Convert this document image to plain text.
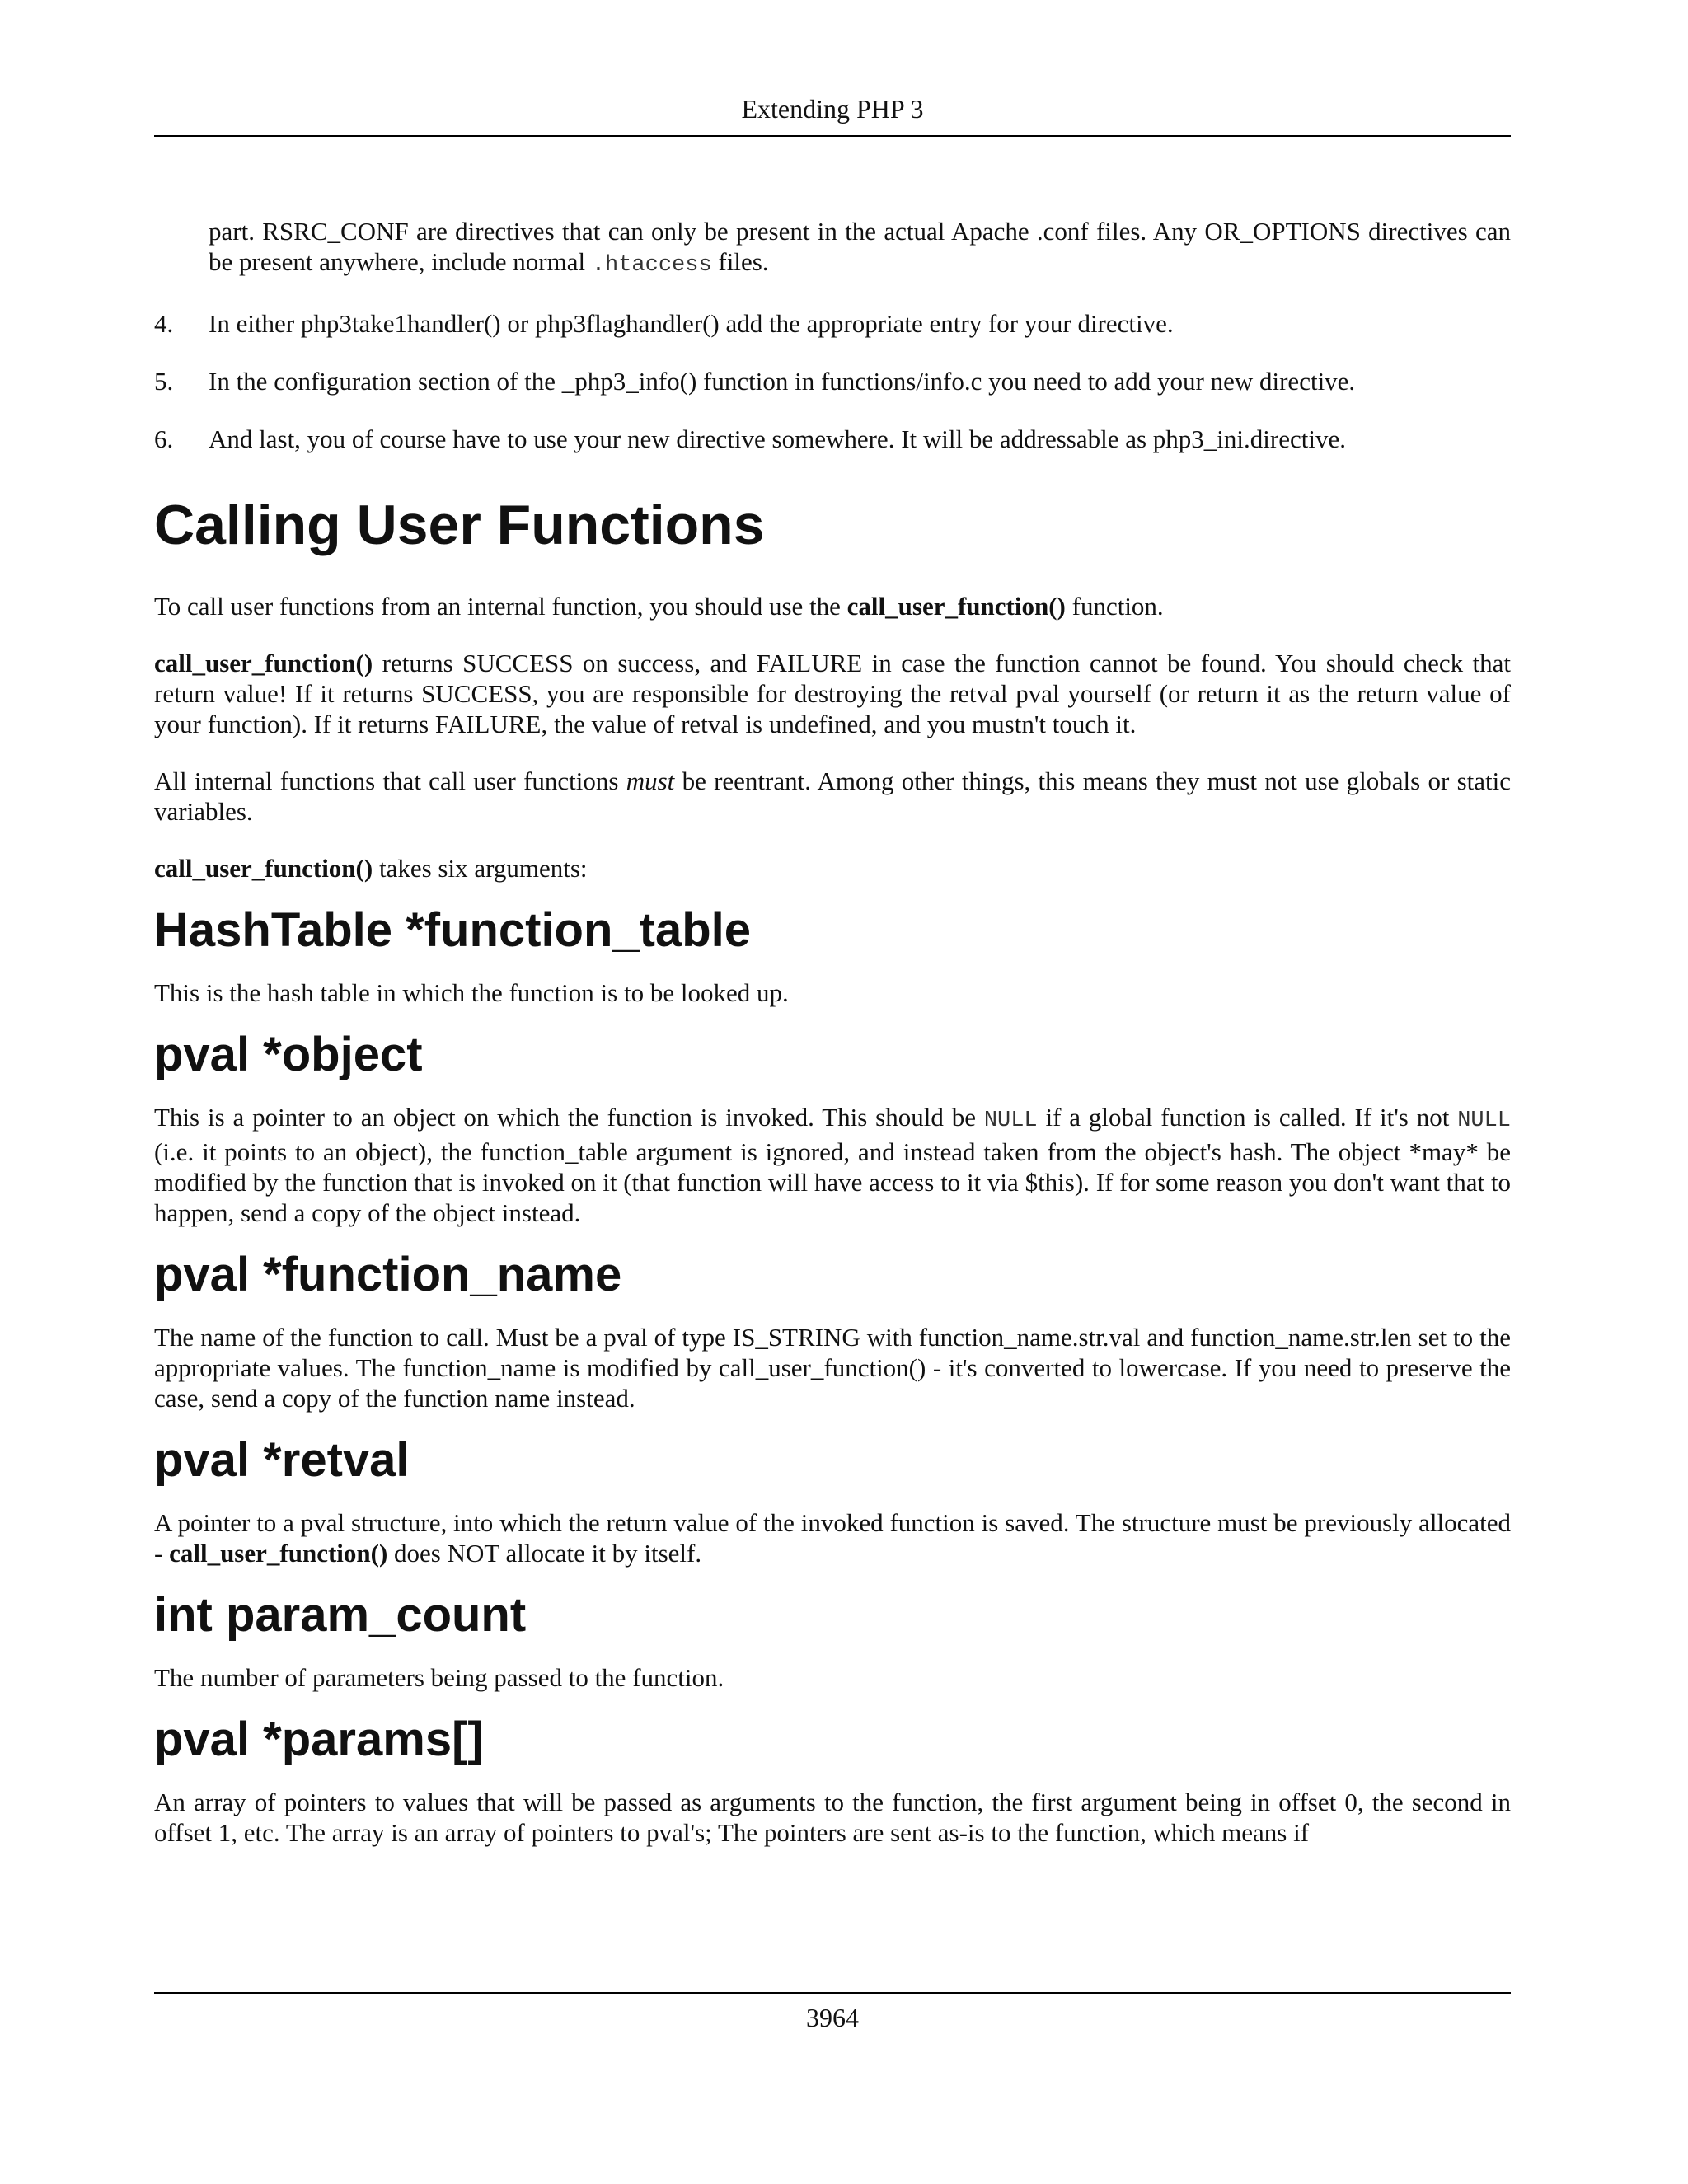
Extending PHP 3

part. RSRC_CONF are directives that can only be present in the actual Apache .conf files. Any OR_OPTIONS directives can be present anywhere, include normal .htaccess files.

4.	In either php3take1handler() or php3flaghandler() add the appropriate entry for your directive.

5.	In the configuration section of the _php3_info() function in functions/info.c you need to add your new directive.

6.	And last, you of course have to use your new directive somewhere. It will be addressable as php3_ini.directive.

Calling User Functions

To call user functions from an internal function, you should use the call_user_function() function.

call_user_function() returns SUCCESS on success, and FAILURE in case the function cannot be found. You should check that return value! If it returns SUCCESS, you are responsible for destroying the retval pval yourself (or return it as the return value of your function). If it returns FAILURE, the value of retval is undefined, and you mustn't touch it.

All internal functions that call user functions must be reentrant. Among other things, this means they must not use globals or static variables.

call_user_function() takes six arguments:

HashTable *function_table

This is the hash table in which the function is to be looked up.

pval *object

This is a pointer to an object on which the function is invoked. This should be NULL if a global function is called. If it's not NULL (i.e. it points to an object), the function_table argument is ignored, and instead taken from the object's hash. The object *may* be modified by the function that is invoked on it (that function will have access to it via $this). If for some reason you don't want that to happen, send a copy of the object instead.

pval *function_name

The name of the function to call. Must be a pval of type IS_STRING with function_name.str.val and function_name.str.len set to the appropriate values. The function_name is modified by call_user_function() - it's converted to lowercase. If you need to preserve the case, send a copy of the function name instead.

pval *retval

A pointer to a pval structure, into which the return value of the invoked function is saved. The structure must be previously allocated - call_user_function() does NOT allocate it by itself.

int param_count

The number of parameters being passed to the function.

pval *params[]

An array of pointers to values that will be passed as arguments to the function, the first argument being in offset 0, the second in offset 1, etc. The array is an array of pointers to pval's; The pointers are sent as-is to the function, which means if

3964
